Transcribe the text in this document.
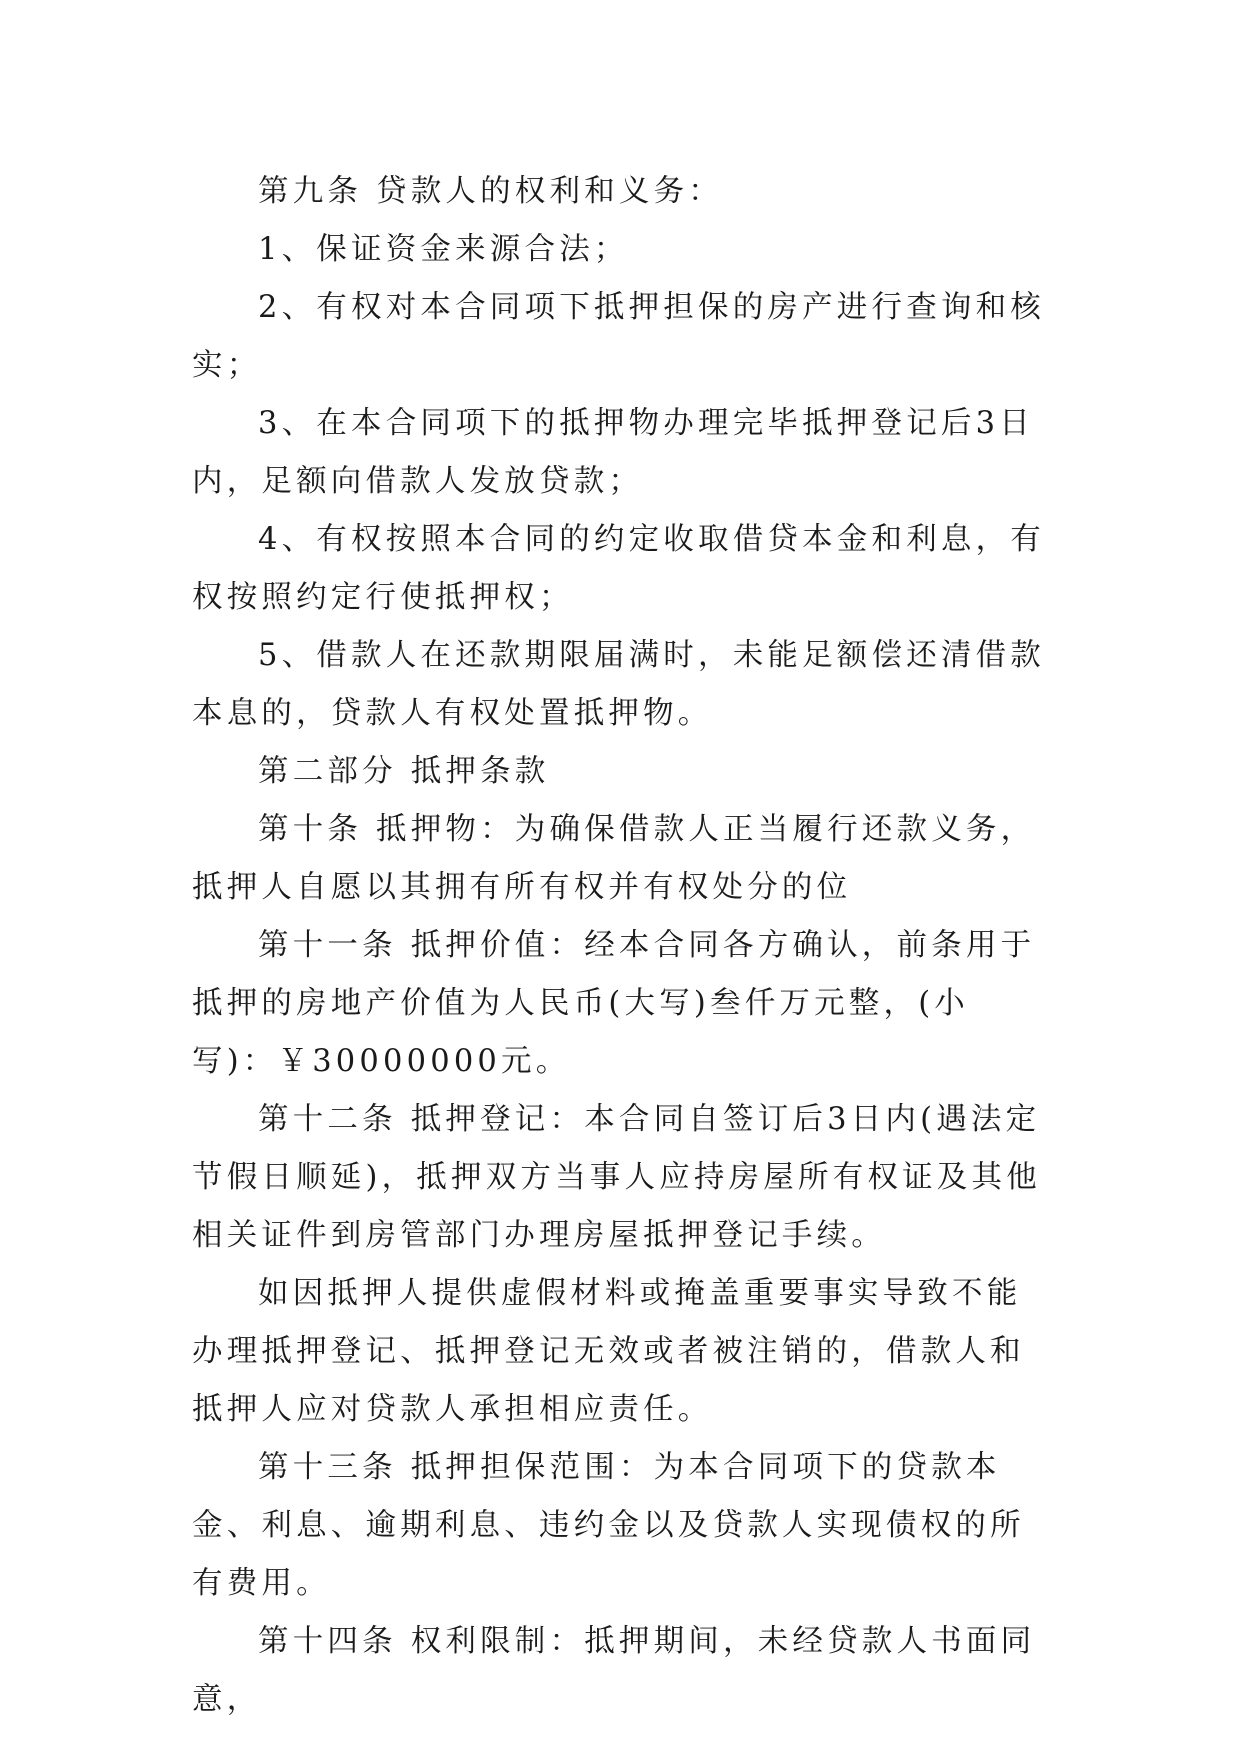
第九条 贷款人的权利和义务：

1、保证资金来源合法；

2、有权对本合同项下抵押担保的房产进行查询和核实；

3、在本合同项下的抵押物办理完毕抵押登记后3日内，足额向借款人发放贷款；

4、有权按照本合同的约定收取借贷本金和利息，有权按照约定行使抵押权；

5、借款人在还款期限届满时，未能足额偿还清借款本息的，贷款人有权处置抵押物。

第二部分 抵押条款

第十条 抵押物：为确保借款人正当履行还款义务，抵押人自愿以其拥有所有权并有权处分的位

第十一条 抵押价值：经本合同各方确认，前条用于抵押的房地产价值为人民币(大写)叁仟万元整，(小写)：￥30000000元。

第十二条 抵押登记：本合同自签订后3日内(遇法定节假日顺延)，抵押双方当事人应持房屋所有权证及其他相关证件到房管部门办理房屋抵押登记手续。

如因抵押人提供虚假材料或掩盖重要事实导致不能办理抵押登记、抵押登记无效或者被注销的，借款人和抵押人应对贷款人承担相应责任。

第十三条 抵押担保范围：为本合同项下的贷款本金、利息、逾期利息、违约金以及贷款人实现债权的所有费用。

第十四条 权利限制：抵押期间，未经贷款人书面同意，
